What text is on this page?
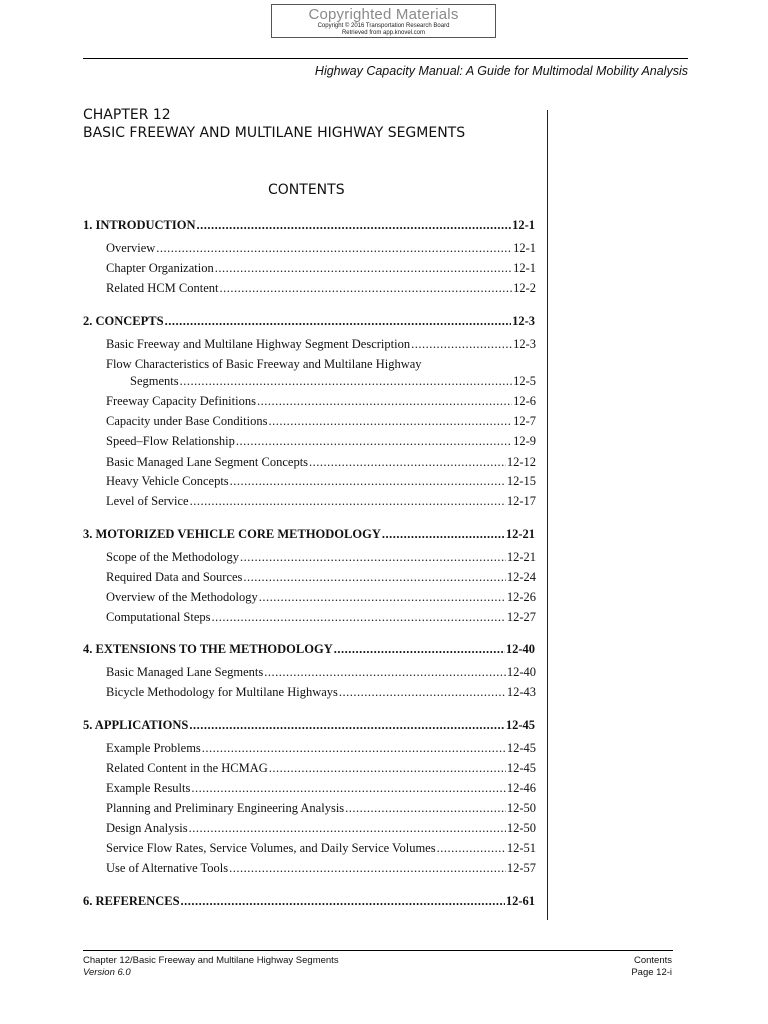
Copyrighted Materials
Copyright © 2016 Transportation Research Board
Retrieved from app.knovel.com
Highway Capacity Manual: A Guide for Multimodal Mobility Analysis
CHAPTER 12
BASIC FREEWAY AND MULTILANE HIGHWAY SEGMENTS
CONTENTS
1. INTRODUCTION .....	12-1
Overview .....	12-1
Chapter Organization .....	12-1
Related HCM Content .....	12-2
2. CONCEPTS .....	12-3
Basic Freeway and Multilane Highway Segment Description .....	12-3
Flow Characteristics of Basic Freeway and Multilane Highway
Segments .....	12-5
Freeway Capacity Definitions .....	12-6
Capacity under Base Conditions .....	12-7
Speed–Flow Relationship .....	12-9
Basic Managed Lane Segment Concepts .....	12-12
Heavy Vehicle Concepts .....	12-15
Level of Service .....	12-17
3. MOTORIZED VEHICLE CORE METHODOLOGY .....	12-21
Scope of the Methodology .....	12-21
Required Data and Sources .....	12-24
Overview of the Methodology .....	12-26
Computational Steps .....	12-27
4. EXTENSIONS TO THE METHODOLOGY .....	12-40
Basic Managed Lane Segments .....	12-40
Bicycle Methodology for Multilane Highways .....	12-43
5. APPLICATIONS .....	12-45
Example Problems .....	12-45
Related Content in the HCMAG .....	12-45
Example Results .....	12-46
Planning and Preliminary Engineering Analysis .....	12-50
Design Analysis .....	12-50
Service Flow Rates, Service Volumes, and Daily Service Volumes .....	12-51
Use of Alternative Tools .....	12-57
6. REFERENCES .....	12-61
Chapter 12/Basic Freeway and Multilane Highway Segments
Version 6.0
Contents
Page 12-i
